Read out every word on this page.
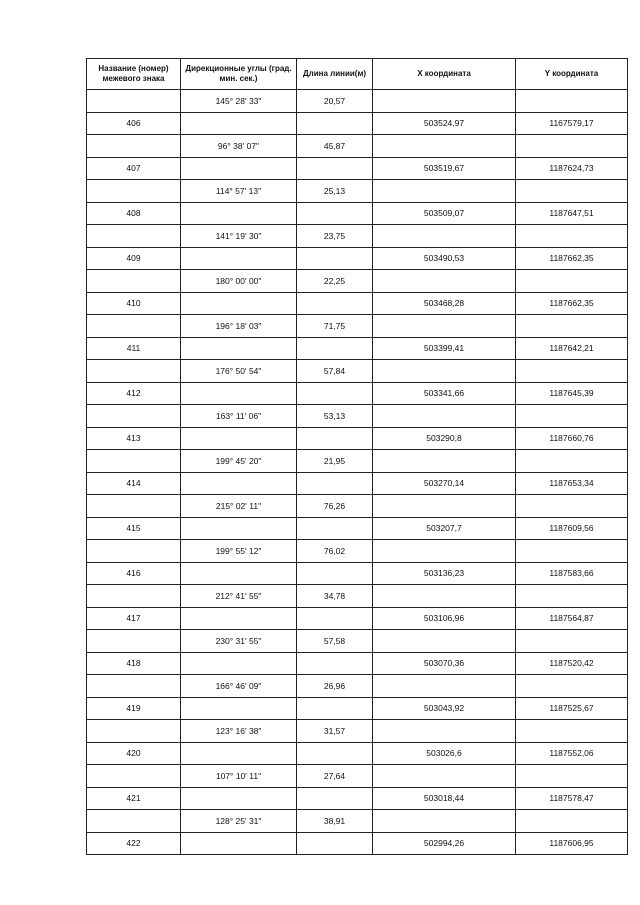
Название (номер) межевого знака	Дирекционные углы (град. мин. сек.)	Длина линии(м)	X координата	Y координата

	145° 28' 33"	20,57		
406			503524,97	1167579,17
	96° 38' 07"	45,87		
407			503519,67	1187624,73
	114° 57' 13"	25,13		
408			503509,07	1187647,51
	141° 19' 30"	23,75		
409			503490,53	1187662,35
	180° 00' 00"	22,25		
410			503468,28	1187662,35
	196° 18' 03"	71,75		
411			503399,41	1187642,21
	176° 50' 54"	57,84		
412			503341,66	1187645,39
	163° 11' 06"	53,13		
413			503290,8	1187660,76
	199° 45' 20"	21,95		
414			503270,14	1187653,34
	215° 02' 11"	76,26		
415			503207,7	1187609,56
	199° 55' 12"	76,02		
416			503136,23	1187583,66
	212° 41' 55"	34,78		
417			503106,96	1187564,87
	230° 31' 55"	57,58		
418			503070,36	1187520,42
	166° 46' 09"	26,96		
419			503043,92	1187525,67
	123° 16' 38"	31,57		
420			503026,6	1187552,06
	107° 10' 11"	27,64		
421			503018,44	1187578,47
	128° 25' 31"	38,91		
422			502994,26	1187606,95
